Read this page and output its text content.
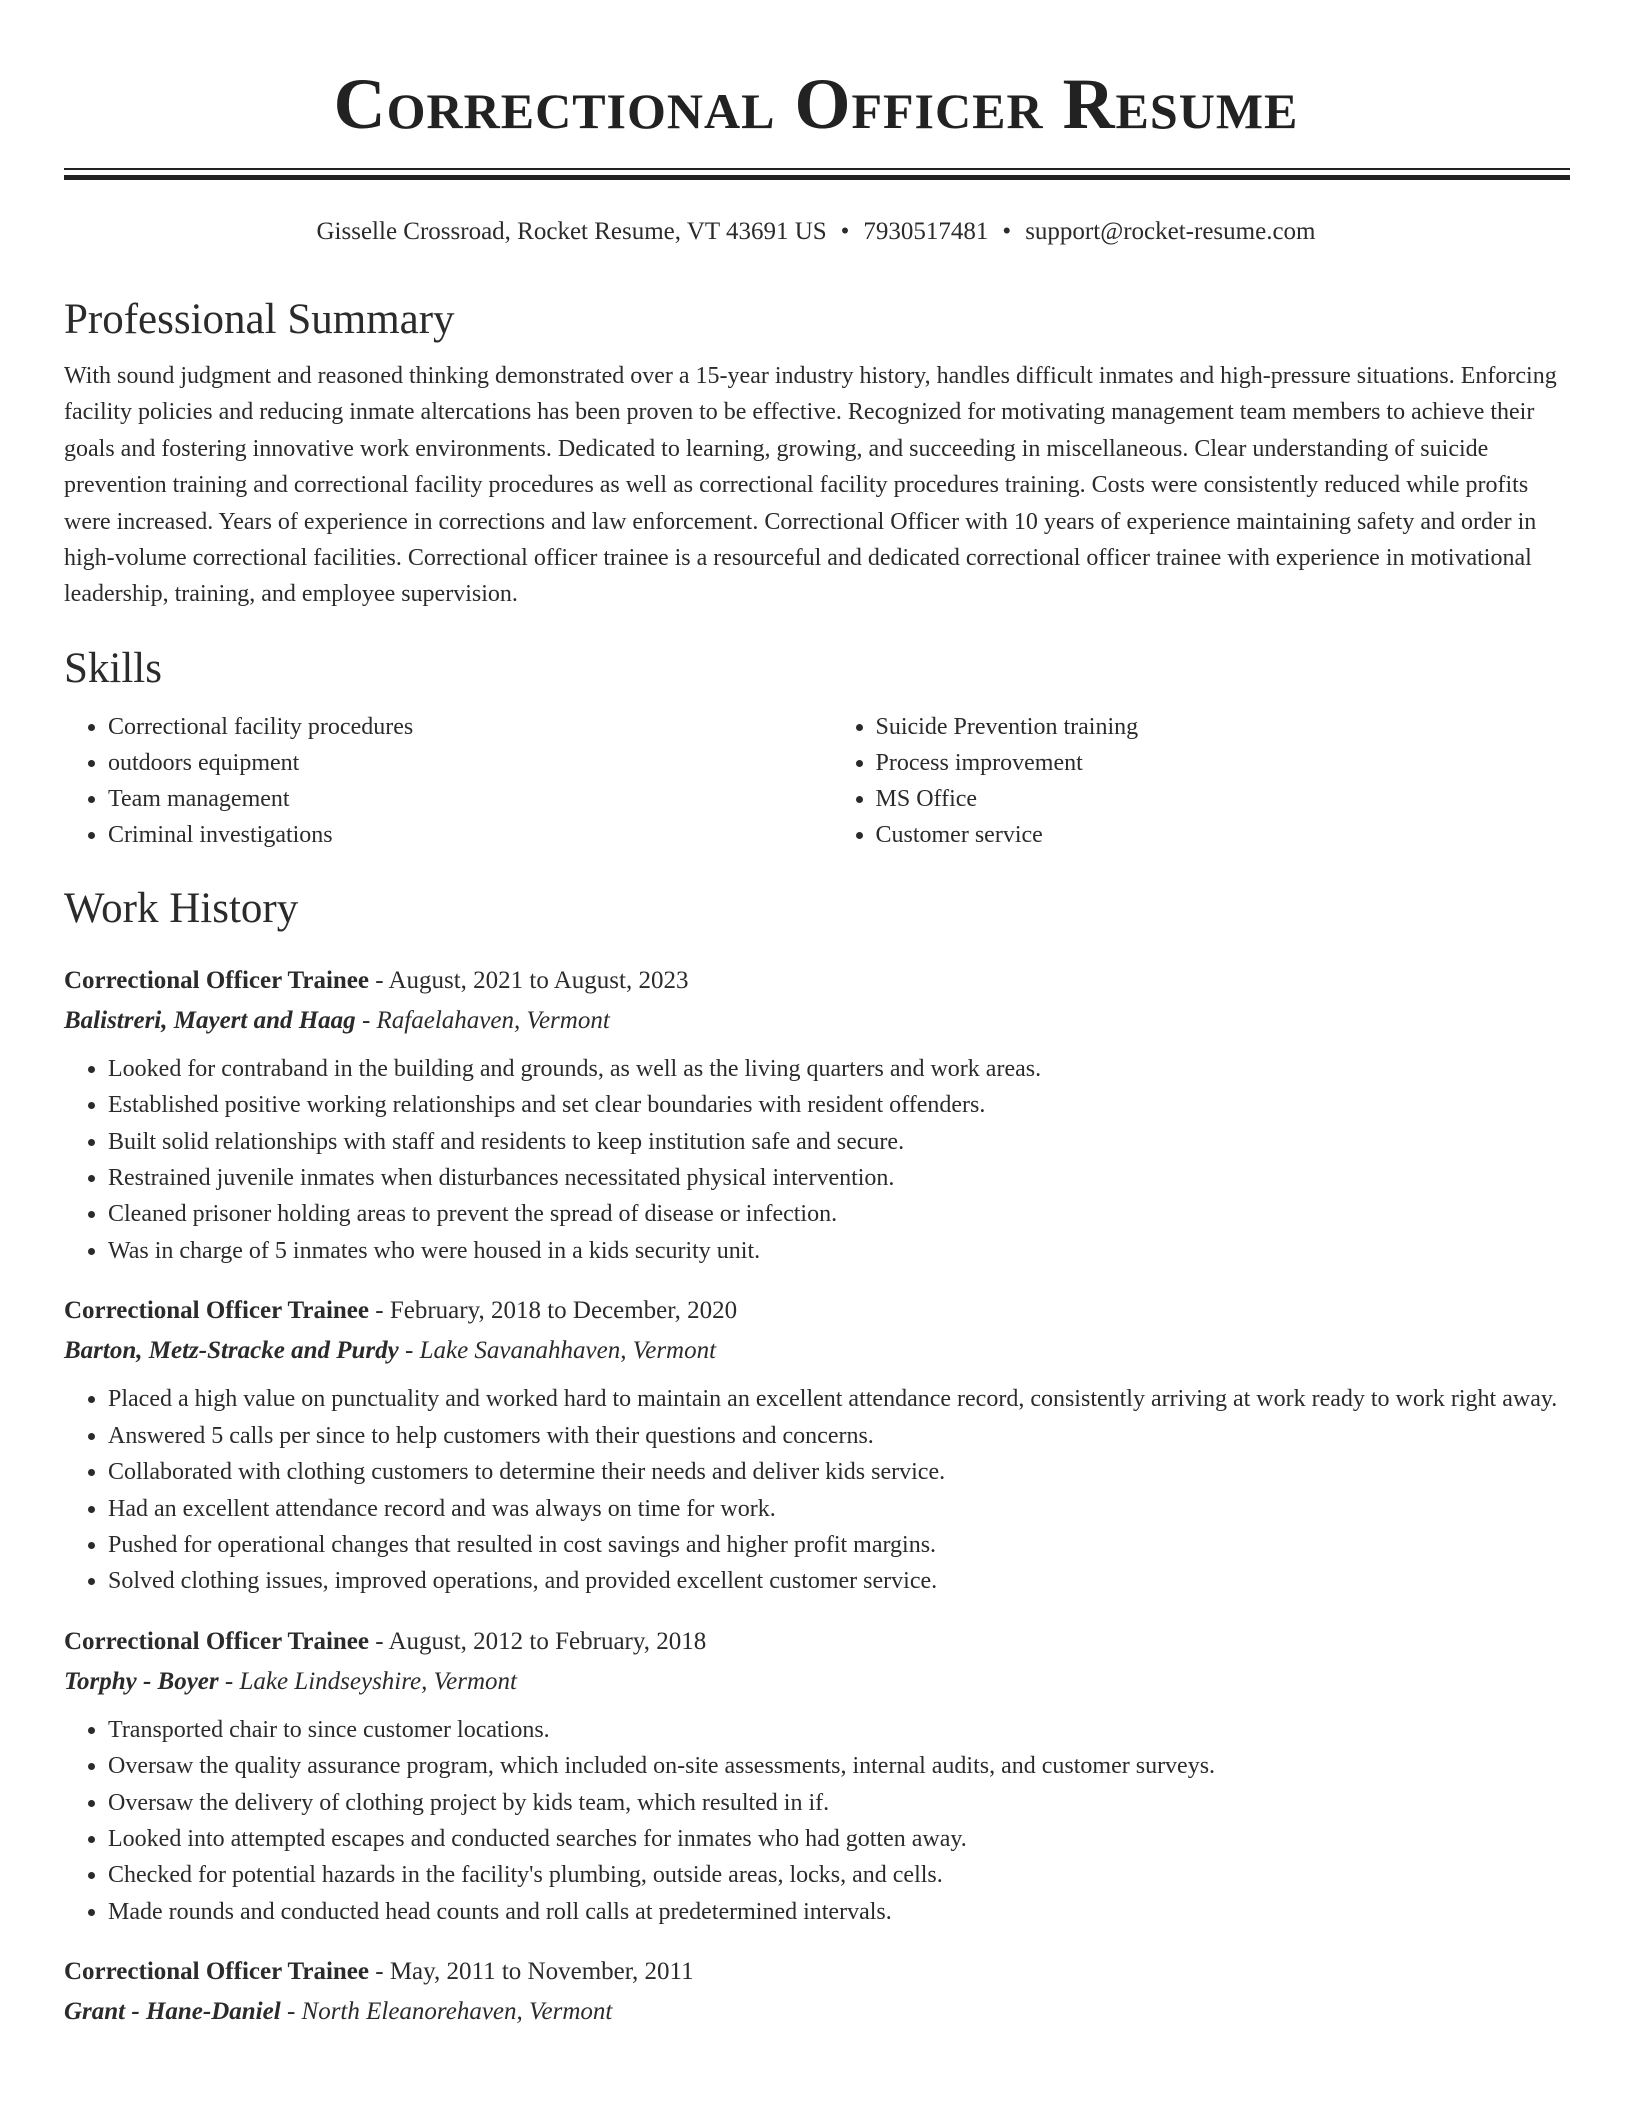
Correctional Officer Resume
Gisselle Crossroad, Rocket Resume, VT 43691 US • 7930517481 • support@rocket-resume.com
Professional Summary

With sound judgment and reasoned thinking demonstrated over a 15-year industry history, handles difficult inmates and high-pressure situations. Enforcing facility policies and reducing inmate altercations has been proven to be effective. Recognized for motivating management team members to achieve their goals and fostering innovative work environments. Dedicated to learning, growing, and succeeding in miscellaneous. Clear understanding of suicide prevention training and correctional facility procedures as well as correctional facility procedures training. Costs were consistently reduced while profits were increased. Years of experience in corrections and law enforcement. Correctional Officer with 10 years of experience maintaining safety and order in high-volume correctional facilities. Correctional officer trainee is a resourceful and dedicated correctional officer trainee with experience in motivational leadership, training, and employee supervision.

Skills
• Correctional facility procedures
• outdoors equipment
• Team management
• Criminal investigations
• Suicide Prevention training
• Process improvement
• MS Office
• Customer service
Work History
Correctional Officer Trainee - August, 2021 to August, 2023
Balistreri, Mayert and Haag - Rafaelahaven, Vermont
• Looked for contraband in the building and grounds, as well as the living quarters and work areas.
• Established positive working relationships and set clear boundaries with resident offenders.
• Built solid relationships with staff and residents to keep institution safe and secure.
• Restrained juvenile inmates when disturbances necessitated physical intervention.
• Cleaned prisoner holding areas to prevent the spread of disease or infection.
• Was in charge of 5 inmates who were housed in a kids security unit.
Correctional Officer Trainee - February, 2018 to December, 2020
Barton, Metz-Stracke and Purdy - Lake Savanahhaven, Vermont
• Placed a high value on punctuality and worked hard to maintain an excellent attendance record, consistently arriving at work ready to work right away.
• Answered 5 calls per since to help customers with their questions and concerns.
• Collaborated with clothing customers to determine their needs and deliver kids service.
• Had an excellent attendance record and was always on time for work.
• Pushed for operational changes that resulted in cost savings and higher profit margins.
• Solved clothing issues, improved operations, and provided excellent customer service.
Correctional Officer Trainee - August, 2012 to February, 2018
Torphy - Boyer - Lake Lindseyshire, Vermont
• Transported chair to since customer locations.
• Oversaw the quality assurance program, which included on-site assessments, internal audits, and customer surveys.
• Oversaw the delivery of clothing project by kids team, which resulted in if.
• Looked into attempted escapes and conducted searches for inmates who had gotten away.
• Checked for potential hazards in the facility's plumbing, outside areas, locks, and cells.
• Made rounds and conducted head counts and roll calls at predetermined intervals.
Correctional Officer Trainee - May, 2011 to November, 2011
Grant - Hane-Daniel - North Eleanorehaven, Vermont
